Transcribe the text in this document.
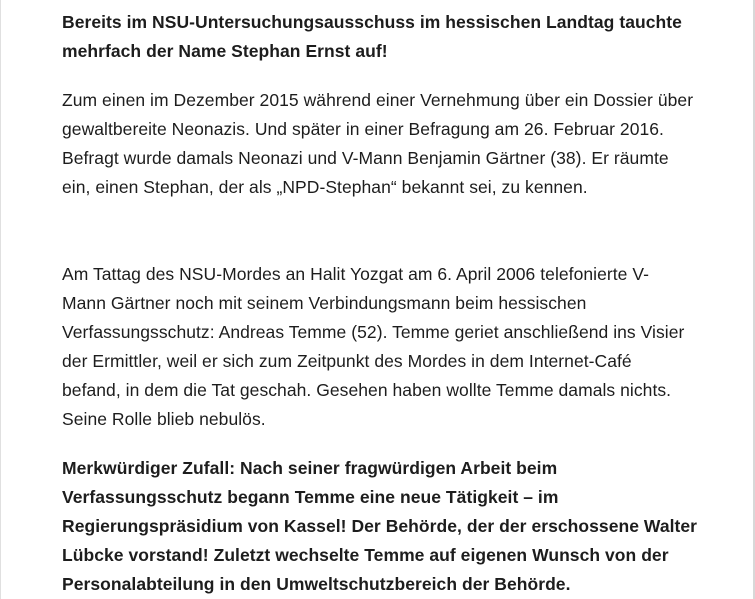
Bereits im NSU-Untersuchungsausschuss im hessischen Landtag tauchte
mehrfach der Name Stephan Ernst auf!

Zum einen im Dezember 2015 während einer Vernehmung über ein Dossier über
gewaltbereite Neonazis. Und später in einer Befragung am 26. Februar 2016.
Befragt wurde damals Neonazi und V-Mann Benjamin Gärtner (38). Er räumte
ein, einen Stephan, der als „NPD-Stephan“ bekannt sei, zu kennen.

Am Tattag des NSU-Mordes an Halit Yozgat am 6. April 2006 telefonierte V-
Mann Gärtner noch mit seinem Verbindungsmann beim hessischen
Verfassungsschutz: Andreas Temme (52). Temme geriet anschließend ins Visier
der Ermittler, weil er sich zum Zeitpunkt des Mordes in dem Internet-Café
befand, in dem die Tat geschah. Gesehen haben wollte Temme damals nichts.
Seine Rolle blieb nebulös.

Merkwürdiger Zufall: Nach seiner fragwürdigen Arbeit beim
Verfassungsschutz begann Temme eine neue Tätigkeit – im
Regierungspräsidium von Kassel! Der Behörde, der der erschossene Walter
Lübcke vorstand! Zuletzt wechselte Temme auf eigenen Wunsch von der
Personalabteilung in den Umweltschutzbereich der Behörde.
